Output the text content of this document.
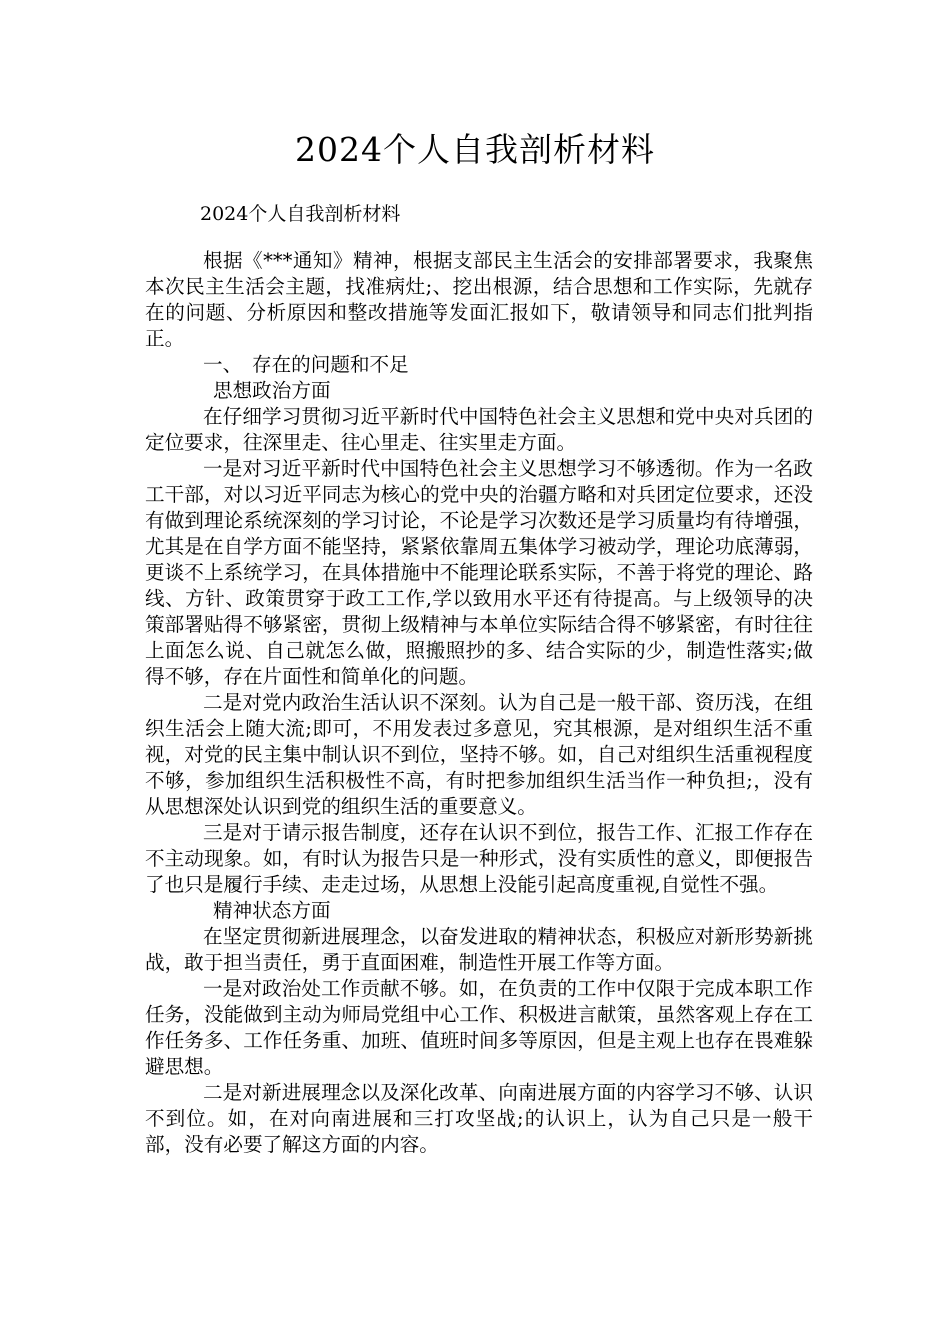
2024个人自我剖析材料

2024个人自我剖析材料

根据《***通知》精神，根据支部民主生活会的安排部署要求，我聚焦本次民主生活会主题，找准病灶;、挖出根源，结合思想和工作实际，先就存在的问题、分析原因和整改措施等发面汇报如下，敬请领导和同志们批判指正。

一、　存在的问题和不足

思想政治方面

在仔细学习贯彻习近平新时代中国特色社会主义思想和党中央对兵团的定位要求，往深里走、往心里走、往实里走方面。

一是对习近平新时代中国特色社会主义思想学习不够透彻。作为一名政工干部，对以习近平同志为核心的党中央的治疆方略和对兵团定位要求，还没有做到理论系统深刻的学习讨论，不论是学习次数还是学习质量均有待增强，尤其是在自学方面不能坚持，紧紧依靠周五集体学习被动学，理论功底薄弱，更谈不上系统学习，在具体措施中不能理论联系实际，不善于将党的理论、路线、方针、政策贯穿于政工工作,学以致用水平还有待提高。与上级领导的决策部署贴得不够紧密，贯彻上级精神与本单位实际结合得不够紧密，有时往往上面怎么说、自己就怎么做，照搬照抄的多、结合实际的少，制造性落实;做得不够，存在片面性和简单化的问题。

二是对党内政治生活认识不深刻。认为自己是一般干部、资历浅，在组织生活会上随大流;即可，不用发表过多意见，究其根源，是对组织生活不重视，对党的民主集中制认识不到位，坚持不够。如，自己对组织生活重视程度不够，参加组织生活积极性不高，有时把参加组织生活当作一种负担;，没有从思想深处认识到党的组织生活的重要意义。

三是对于请示报告制度，还存在认识不到位，报告工作、汇报工作存在不主动现象。如，有时认为报告只是一种形式，没有实质性的意义，即便报告了也只是履行手续、走走过场，从思想上没能引起高度重视,自觉性不强。

精神状态方面

在坚定贯彻新进展理念，以奋发进取的精神状态，积极应对新形势新挑战，敢于担当责任，勇于直面困难，制造性开展工作等方面。

一是对政治处工作贡献不够。如，在负责的工作中仅限于完成本职工作任务，没能做到主动为师局党组中心工作、积极进言献策，虽然客观上存在工作任务多、工作任务重、加班、值班时间多等原因，但是主观上也存在畏难躲避思想。

二是对新进展理念以及深化改革、向南进展方面的内容学习不够、认识不到位。如，在对向南进展和三打攻坚战;的认识上，认为自己只是一般干部，没有必要了解这方面的内容。
